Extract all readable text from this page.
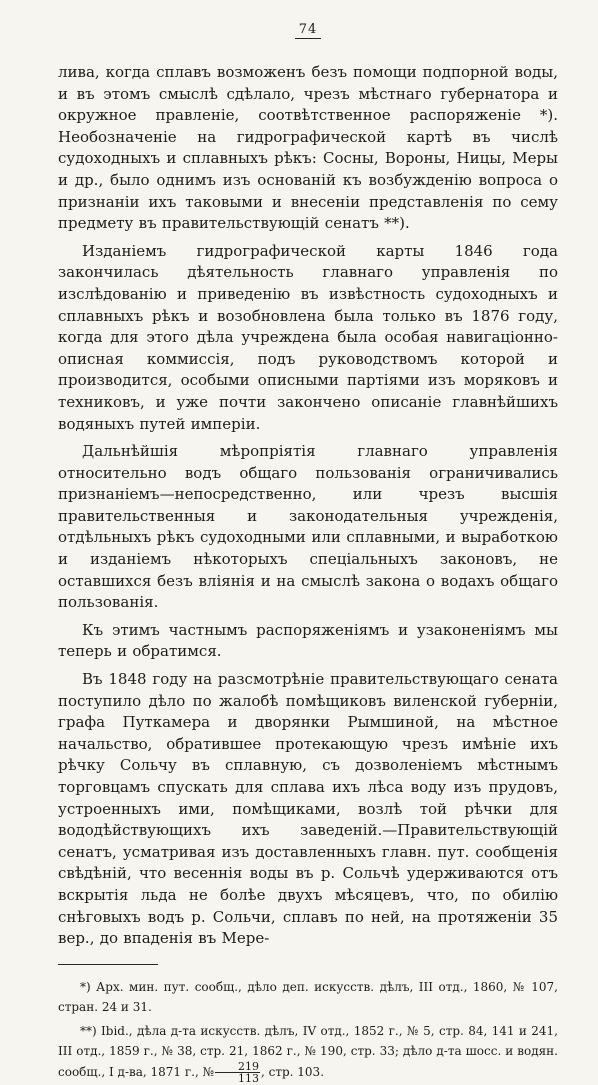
74

лива, когда сплавъ возможенъ безъ помощи подпорной воды, и въ этомъ смыслѣ сдѣлало, чрезъ мѣстнаго губернатора и окружное правленіе, соотвѣтственное распоряженіе *). Необозначеніе на гидрографической картѣ въ числѣ судоходныхъ и сплавныхъ рѣкъ: Сосны, Вороны, Ницы, Меры и др., было однимъ изъ основаній къ возбужденію вопроса о признаніи ихъ таковыми и внесеніи представленія по сему предмету въ правительствующій сенатъ **).

Изданіемъ гидрографической карты 1846 года закончилась дѣятельность главнаго управленія по изслѣдованію и приведенію въ извѣстность судоходныхъ и сплавныхъ рѣкъ и возобновлена была только въ 1876 году, когда для этого дѣла учреждена была особая навигаціонно-описная коммиссія, подъ руководствомъ которой и производится, особыми описными партіями изъ моряковъ и техниковъ, и уже почти закончено описаніе главнѣйшихъ водяныхъ путей имперіи.

Дальнѣйшія мѣропріятія главнаго управленія относительно водъ общаго пользованія ограничивались признаніемъ—непосредственно, или чрезъ высшія правительственныя и законодательныя учрежденія, отдѣльныхъ рѣкъ судоходными или сплавными, и выработкою и изданіемъ нѣкоторыхъ спеціальныхъ законовъ, не оставшихся безъ вліянія и на смыслѣ закона о водахъ общаго пользованія.

Къ этимъ частнымъ распоряженіямъ и узаконеніямъ мы теперь и обратимся.

Въ 1848 году на разсмотрѣніе правительствующаго сената поступило дѣло по жалобѣ помѣщиковъ виленской губерніи, графа Путкамера и дворянки Рымшиной, на мѣстное начальство, обратившее протекающую чрезъ имѣніе ихъ рѣчку Сольчу въ сплавную, съ дозволеніемъ мѣстнымъ торговцамъ спускать для сплава ихъ лѣса воду изъ прудовъ, устроенныхъ ими, помѣщиками, возлѣ той рѣчки для вододѣйствующихъ ихъ заведеній.—Правительствующій сенатъ, усматривая изъ доставленныхъ главн. пут. сообщенія свѣдѣній, что весеннія воды въ р. Сольчѣ удерживаются отъ вскрытія льда не болѣе двухъ мѣсяцевъ, что, по обилію снѣговыхъ водъ р. Сольчи, сплавъ по ней, на протяженіи 35 вер., до впаденія въ Мере-

*) Арх. мин. пут. сообщ., дѣло деп. искусств. дѣлъ, III отд., 1860, № 107, стран. 24 и 31.

**) Ibid., дѣла д-та искусств. дѣлъ, IV отд., 1852 г., № 5, стр. 84, 141 и 241, III отд., 1859 г., № 38, стр. 21, 1862 г., № 190, стр. 33; дѣло д-та шосс. и водян. сообщ., I д-ва, 1871 г., № $\frac{219}{113}$ , стр. 103.
